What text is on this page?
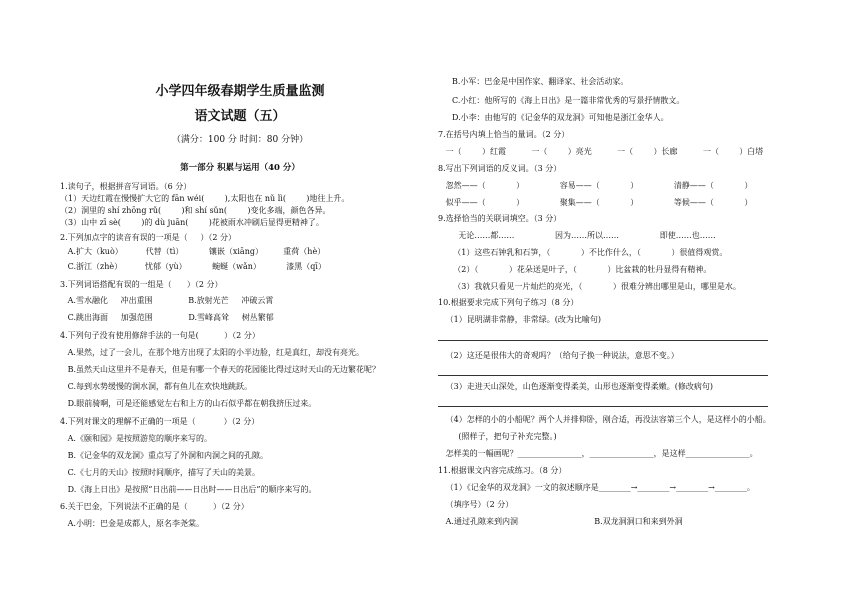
小学四年级春期学生质量监测
语文试题（五）
（满分：100 分 时间：80 分钟）
第一部分 积累与运用（40 分）
1.读句子，根据拼音写词语。（6 分）
（1）天边红霞在慢慢扩大它的 fān wéi(        ),太阳也在 nǔ lì(        )地往上升。
（2）洞里的 shí zhōng rǔ(        )和 shí sǔn(        )变化多端，颜色各异。
（3）山中 zī sè(        )的 dù juān(        )花被雨水冲刷后显得更精神了。
2.下列加点字的读音有误的一项是（     ）（2 分）
A.扩大（kuò）         代替（tì）          镶嵌（xiāng）        重荷（hè）
C.浙江（zhè）         忧郁（yù）          蜿蜒（wǎn）          漆黑（qī）
3.下列词语搭配有误的一组是（      ）（2 分）
A.雪水融化     冲出重围              B.放射光芒     冲破云霄
C.跳出海面     加强范围              D.雪峰高耸     树丛繁郁
4.下列句子没有使用修辞手法的一句是(          ）（2 分）
A.果然，过了一会儿，在那个地方出现了太阳的小半边脸，红是真红，却没有亮光。
B.虽然天山这里并不是春天，但是有哪一个春天的花园能比得过这时天山的无边繁花呢？
C.每到水势缓慢的涧水洞，都有鱼儿在欢快地跳跃。
D.眼前骑啊，可是还能感觉左右和上方的山石似乎都在朝我挤压过来。
4.下列对课文的理解不正确的一项是（           ）（2 分）
A.《颐和园》是按照游览的顺序来写的。
B.《记金华的双龙洞》重点写了外洞和内洞之间的孔隙。
C.《七月的天山》按照时间顺序，描写了天山的美景。
D.《海上日出》是按照“日出前——日出时——日出后”的顺序来写的。
6.关于巴金，下列说法不正确的是（          ）（2 分）
A.小明：巴金是成都人，原名李尧棠。
B.小军：巴金是中国作家、翻译家、社会活动家。
C.小红：他所写的《海上日出》是一篇非常优秀的写景抒情散文。
D.小李：由他写的《记金华的双龙洞》可知他是浙江金华人。
7.在括号内填上恰当的量词。（2 分）
一（        ）红霞          一（        ）亮光          一（        ）长廊          一（        ）白塔
8.写出下列词语的反义词。（3 分）
忽然——（            ）              容易——（            ）              清静——（            ）
似乎——（            ）              聚集——（            ）              等候——（            ）
9.选择恰当的关联词填空。（3 分）
无论……都……                因为……所以……                即使……也……
（1）这些石钟乳和石笋，（            ）不比作什么，（            ）很值得观赏。
（2）（            ）花朵送是叶子，（            ）比盆栽的牡丹显得有精神。
（3）我就只看见一片灿烂的亮光，（            ）很难分辨出哪里是山，哪里是水。
10.根据要求完成下列句子练习（8 分）
（1）昆明湖非常静，非常绿。(改为比喻句)
（2）这还是很伟大的奇观吗？（给句子换一种说法，意思不变。）
（3）走进天山深处，山色逐渐变得柔美，山形也逐渐变得柔嫩。(修改病句)
（4）怎样的小的小船呢？两个人并排仰卧，刚合适，再没法容第三个人，是这样小的小船。
(照样子，把句子补充完整。)
怎样美的一幅画呢？________________，________________，是这样________________。
11.根据课文内容完成练习。（8 分）
（1）《记金华的双龙洞》一文的叙述顺序是________→________→________→________。
（填序号）（2 分）
A.通过孔隙来到内洞                              B.双龙洞洞口和来到外洞
